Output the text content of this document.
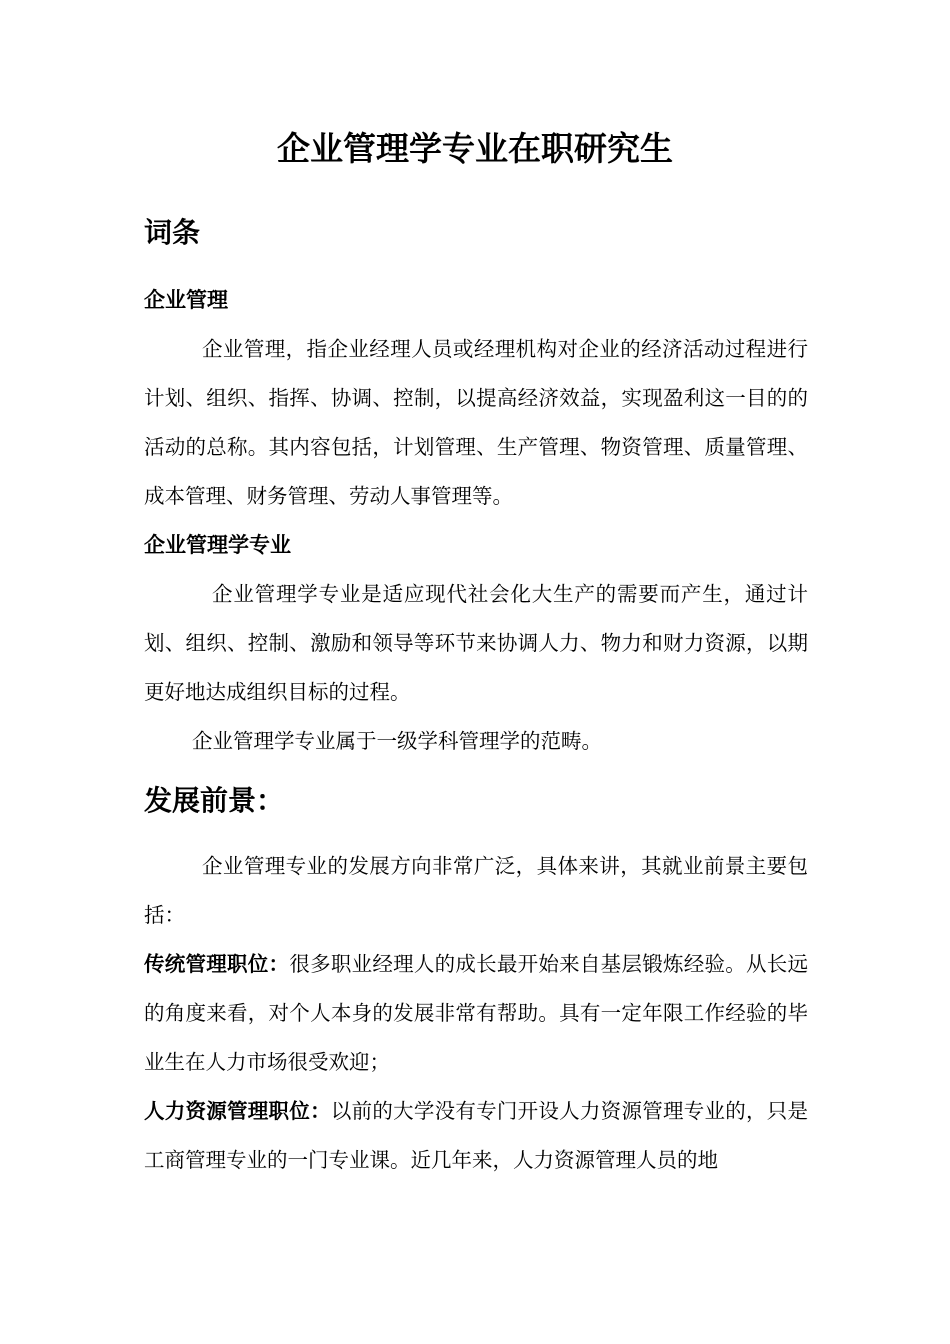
企业管理学专业在职研究生
词条
企业管理

企业管理，指企业经理人员或经理机构对企业的经济活动过程进行计划、组织、指挥、协调、控制，以提高经济效益，实现盈利这一目的的活动的总称。其内容包括，计划管理、生产管理、物资管理、质量管理、成本管理、财务管理、劳动人事管理等。

企业管理学专业

企业管理学专业是适应现代社会化大生产的需要而产生，通过计划、组织、控制、激励和领导等环节来协调人力、物力和财力资源，以期更好地达成组织目标的过程。

企业管理学专业属于一级学科管理学的范畴。

发展前景：

企业管理专业的发展方向非常广泛，具体来讲，其就业前景主要包括：

传统管理职位：很多职业经理人的成长最开始来自基层锻炼经验。从长远的角度来看，对个人本身的发展非常有帮助。具有一定年限工作经验的毕业生在人力市场很受欢迎；

人力资源管理职位：以前的大学没有专门开设人力资源管理专业的，只是工商管理专业的一门专业课。近几年来，人力资源管理人员的地
